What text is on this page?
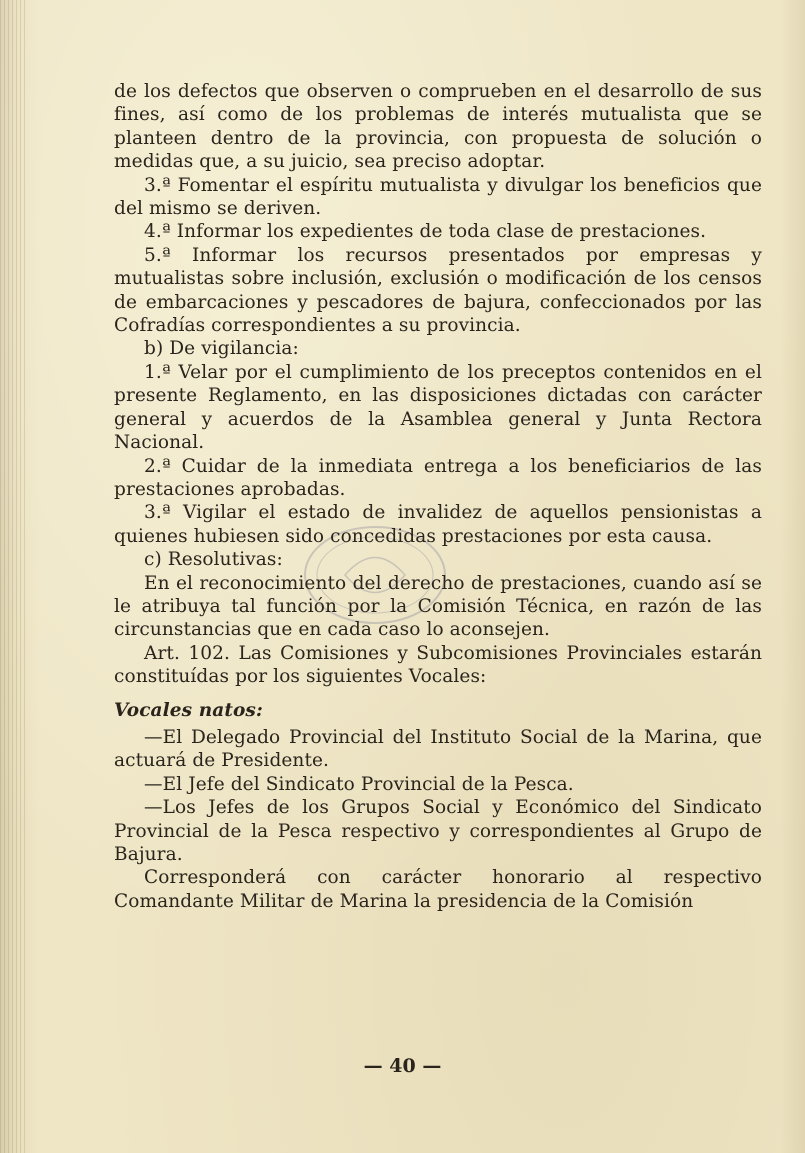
de los defectos que observen o comprueben en el desarrollo de sus fines, así como de los problemas de interés mutualista que se planteen dentro de la provincia, con propuesta de solución o medidas que, a su juicio, sea preciso adoptar.

3.ª Fomentar el espíritu mutualista y divulgar los beneficios que del mismo se deriven.

4.ª Informar los expedientes de toda clase de prestaciones.

5.ª Informar los recursos presentados por empresas y mutualistas sobre inclusión, exclusión o modificación de los censos de embarcaciones y pescadores de bajura, confeccionados por las Cofradías correspondientes a su provincia.

b) De vigilancia:

1.ª Velar por el cumplimiento de los preceptos contenidos en el presente Reglamento, en las disposiciones dictadas con carácter general y acuerdos de la Asamblea general y Junta Rectora Nacional.

2.ª Cuidar de la inmediata entrega a los beneficiarios de las prestaciones aprobadas.

3.ª Vigilar el estado de invalidez de aquellos pensionistas a quienes hubiesen sido concedidas prestaciones por esta causa.

c) Resolutivas:

En el reconocimiento del derecho de prestaciones, cuando así se le atribuya tal función por la Comisión Técnica, en razón de las circunstancias que en cada caso lo aconsejen.

Art. 102. Las Comisiones y Subcomisiones Provinciales estarán constituídas por los siguientes Vocales:

Vocales natos:

—El Delegado Provincial del Instituto Social de la Marina, que actuará de Presidente.

—El Jefe del Sindicato Provincial de la Pesca.

—Los Jefes de los Grupos Social y Económico del Sindicato Provincial de la Pesca respectivo y correspondientes al Grupo de Bajura.

Corresponderá con carácter honorario al respectivo Comandante Militar de Marina la presidencia de la Comisión

— 40 —
